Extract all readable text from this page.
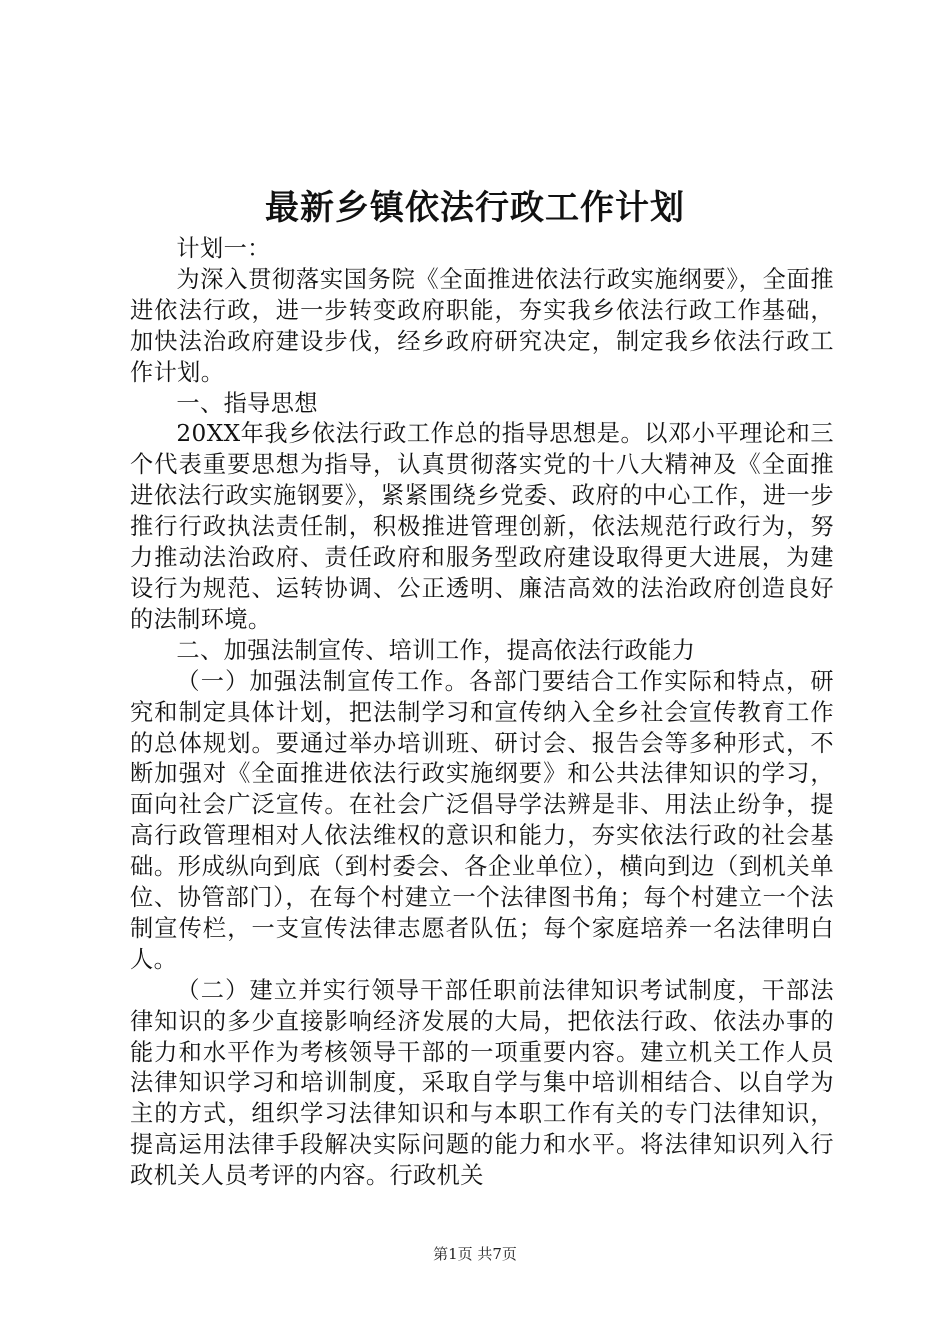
最新乡镇依法行政工作计划

计划一：

为深入贯彻落实国务院《全面推进依法行政实施纲要》，全面推进依法行政，进一步转变政府职能，夯实我乡依法行政工作基础，加快法治政府建设步伐，经乡政府研究决定，制定我乡依法行政工作计划。

一、指导思想

20XX年我乡依法行政工作总的指导思想是。以邓小平理论和三个代表重要思想为指导，认真贯彻落实党的十八大精神及《全面推进依法行政实施钢要》，紧紧围绕乡党委、政府的中心工作，进一步推行行政执法责任制，积极推进管理创新，依法规范行政行为，努力推动法治政府、责任政府和服务型政府建设取得更大进展，为建设行为规范、运转协调、公正透明、廉洁高效的法治政府创造良好的法制环境。

二、加强法制宣传、培训工作，提高依法行政能力

（一）加强法制宣传工作。各部门要结合工作实际和特点，研究和制定具体计划，把法制学习和宣传纳入全乡社会宣传教育工作的总体规划。要通过举办培训班、研讨会、报告会等多种形式，不断加强对《全面推进依法行政实施纲要》和公共法律知识的学习，面向社会广泛宣传。在社会广泛倡导学法辨是非、用法止纷争，提高行政管理相对人依法维权的意识和能力，夯实依法行政的社会基础。形成纵向到底（到村委会、各企业单位），横向到边（到机关单位、协管部门），在每个村建立一个法律图书角；每个村建立一个法制宣传栏，一支宣传法律志愿者队伍；每个家庭培养一名法律明白人。

（二）建立并实行领导干部任职前法律知识考试制度，干部法律知识的多少直接影响经济发展的大局，把依法行政、依法办事的能力和水平作为考核领导干部的一项重要内容。建立机关工作人员法律知识学习和培训制度，采取自学与集中培训相结合、以自学为主的方式，组织学习法律知识和与本职工作有关的专门法律知识，提高运用法律手段解决实际问题的能力和水平。将法律知识列入行政机关人员考评的内容。行政机关

第1页 共7页
